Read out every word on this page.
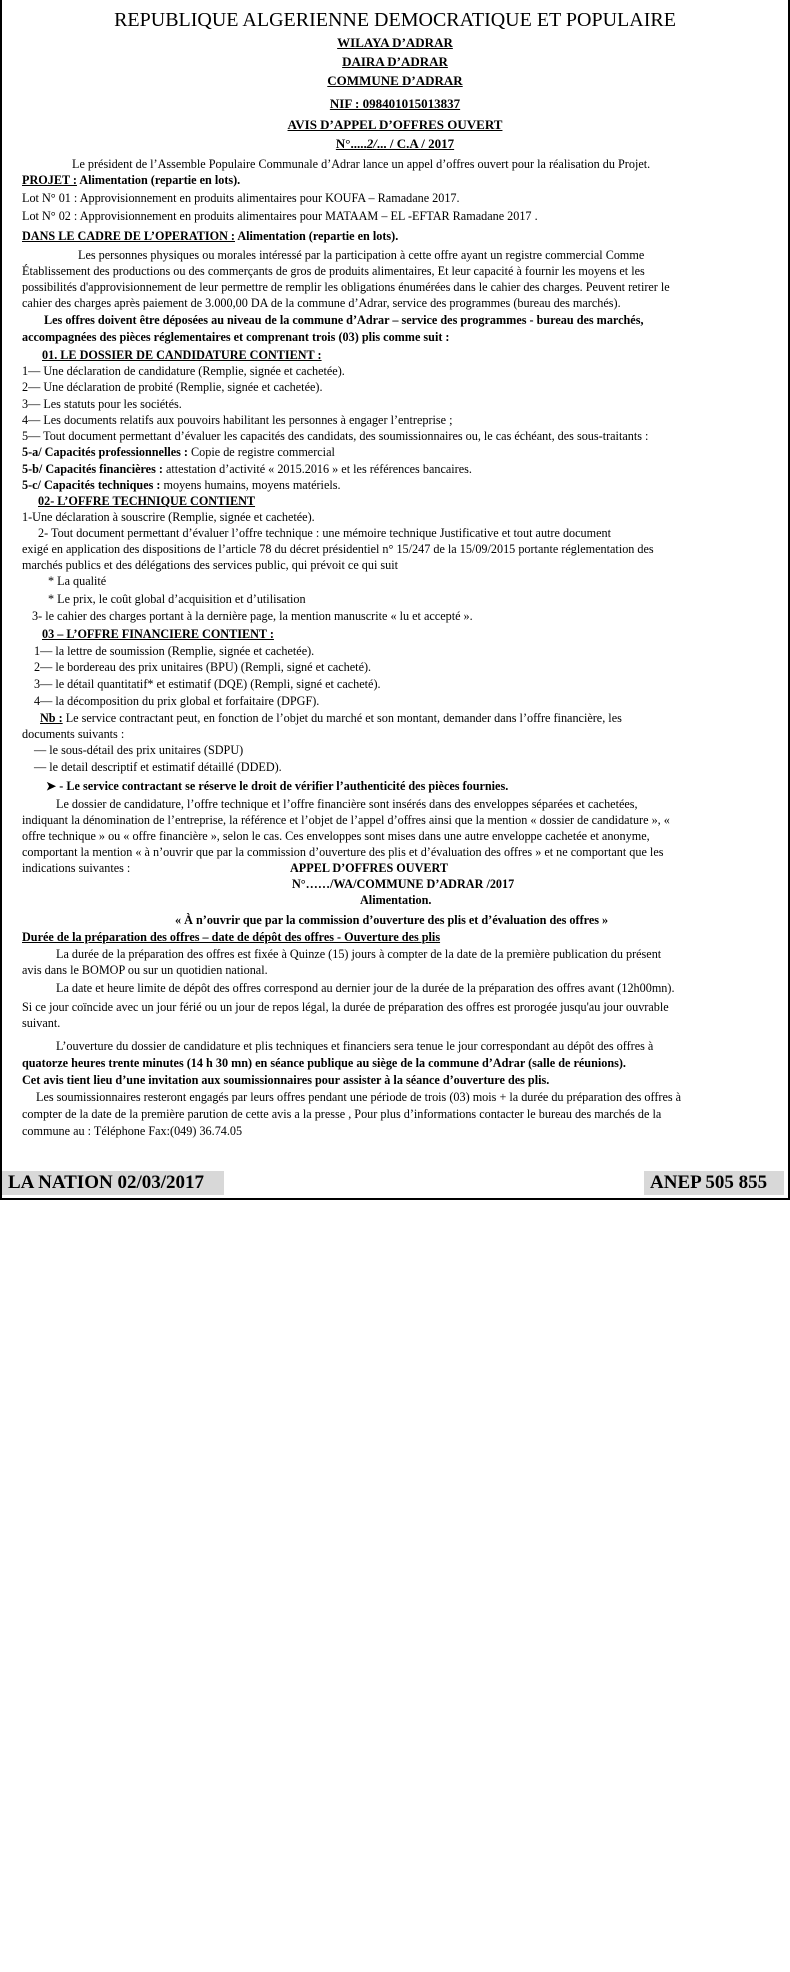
REPUBLIQUE ALGERIENNE DEMOCRATIQUE ET POPULAIRE
WILAYA D’ADRAR
DAIRA D’ADRAR
COMMUNE D’ADRAR
NIF : 098401015013837
AVIS D’APPEL D’OFFRES OUVERT
N°.....2/... / C.A / 2017
Le président de l’Assemble Populaire Communale d’Adrar lance un appel d’offres ouvert pour la réalisation du Projet.
PROJET : Alimentation (repartie en lots).
Lot N° 01 : Approvisionnement en produits alimentaires pour KOUFA – Ramadane 2017.
Lot N° 02 : Approvisionnement en produits alimentaires pour MATAAM – EL -EFTAR Ramadane 2017 .
DANS LE CADRE DE L’OPERATION : Alimentation (repartie en lots).
Les personnes physiques ou morales intéressé par la participation à cette offre ayant un registre commercial Comme
Établissement des productions ou des commerçants de gros de produits alimentaires, Et leur capacité à fournir les moyens et les
possibilités d'approvisionnement de leur permettre de remplir les obligations énumérées dans le cahier des charges. Peuvent retirer le
cahier des charges après paiement de 3.000,00 DA de la commune d’Adrar, service des programmes (bureau des marchés).
Les offres doivent être déposées au niveau de la commune d’Adrar – service des programmes - bureau des marchés,
accompagnées des pièces réglementaires et comprenant trois (03) plis comme suit :
01. LE DOSSIER DE CANDIDATURE CONTIENT :
1— Une déclaration de candidature (Remplie, signée et cachetée).
2— Une déclaration de probité (Remplie, signée et cachetée).
3— Les statuts pour les sociétés.
4— Les documents relatifs aux pouvoirs habilitant les personnes à engager l’entreprise ;
5— Tout document permettant d’évaluer les capacités des candidats, des soumissionnaires ou, le cas échéant, des sous-traitants :
5-a/ Capacités professionnelles : Copie de registre commercial
5-b/ Capacités financières : attestation d’activité « 2015.2016 » et les références bancaires.
5-c/ Capacités techniques : moyens humains, moyens matériels.
02- L’OFFRE TECHNIQUE CONTIENT
1-Une déclaration à souscrire (Remplie, signée et cachetée).
2- Tout document permettant d’évaluer l’offre technique : une mémoire technique Justificative et tout autre document
exigé en application des dispositions de l’article 78 du décret présidentiel n° 15/247 de la 15/09/2015 portante réglementation des
marchés publics et des délégations des services public, qui prévoit ce qui suit
* La qualité
* Le prix, le coût global d’acquisition et d’utilisation
3- le cahier des charges portant à la dernière page, la mention manuscrite « lu et accepté ».
03 – L’OFFRE FINANCIERE CONTIENT :
1— la lettre de soumission (Remplie, signée et cachetée).
2— le bordereau des prix unitaires (BPU) (Rempli, signé et cacheté).
3— le détail quantitatif* et estimatif (DQE) (Rempli, signé et cacheté).
4— la décomposition du prix global et forfaitaire (DPGF).
Nb : Le service contractant peut, en fonction de l’objet du marché et son montant, demander dans l’offre financière, les
documents suivants :
— le sous-détail des prix unitaires (SDPU)
— le detail descriptif et estimatif détaillé (DDED).
➤ - Le service contractant se réserve le droit de vérifier l’authenticité des pièces fournies.
Le dossier de candidature, l’offre technique et l’offre financière sont insérés dans des enveloppes séparées et cachetées,
indiquant la dénomination de l’entreprise, la référence et l’objet de l’appel d’offres ainsi que la mention « dossier de candidature », «
offre technique » ou « offre financière », selon le cas. Ces enveloppes sont mises dans une autre enveloppe cachetée et anonyme,
comportant la mention « à n’ouvrir que par la commission d’ouverture des plis et d’évaluation des offres » et ne comportant que les
indications suivantes :	APPEL D’OFFRES OUVERT
N°……/WA/COMMUNE D’ADRAR /2017
Alimentation.
« À n’ouvrir que par la commission d’ouverture des plis et d’évaluation des offres »
Durée de la préparation des offres – date de dépôt des offres - Ouverture des plis
La durée de la préparation des offres est fixée à Quinze (15) jours à compter de la date de la première publication du présent
avis dans le BOMOP ou sur un quotidien national.
La date et heure limite de dépôt des offres correspond au dernier jour de la durée de la préparation des offres avant (12h00mn).
Si ce jour coïncide avec un jour férié ou un jour de repos légal, la durée de préparation des offres est prorogée jusqu'au jour ouvrable
suivant.
L’ouverture du dossier de candidature et plis techniques et financiers sera tenue le jour correspondant au dépôt des offres à
quatorze heures trente minutes (14 h 30 mn) en séance publique au siège de la commune d’Adrar (salle de réunions).
Cet avis tient lieu d’une invitation aux soumissionnaires pour assister à la séance d’ouverture des plis.
Les soumissionnaires resteront engagés par leurs offres pendant une période de trois (03) mois + la durée du préparation des offres à
compter de la date de la première parution de cette avis a la presse , Pour plus d’informations contacter le bureau des marchés de la
commune au : Téléphone Fax:(049) 36.74.05
LA NATION 02/03/2017	ANEP 505 855
